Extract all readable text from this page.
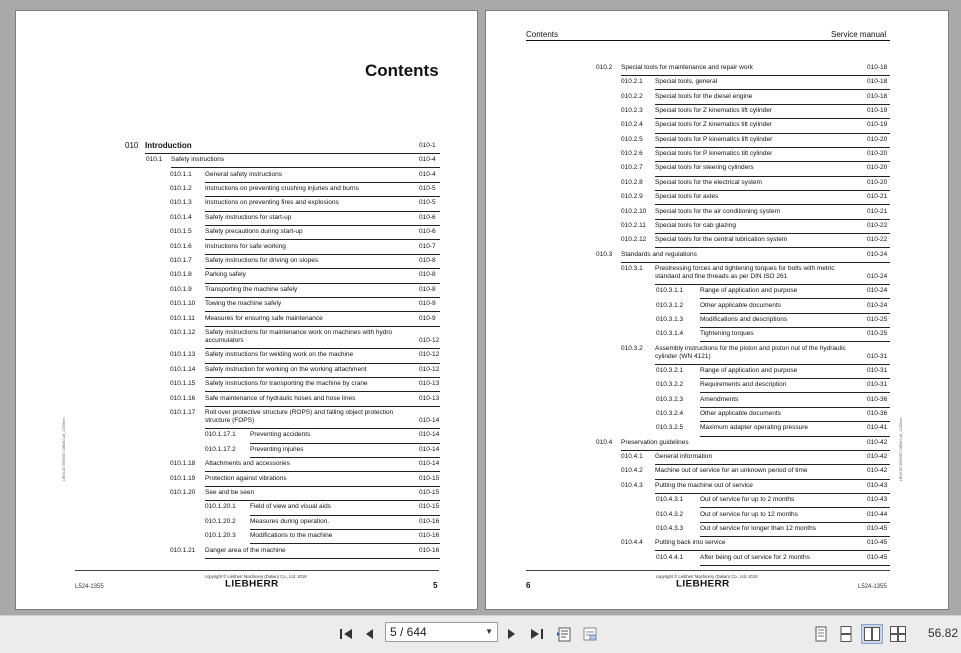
Contents
010 Introduction	010-1
010.1 Safety instructions	010-4
010.1.1 General safety instructions	010-4
010.1.2 Instructions on preventing crushing injuries and burns	010-5
010.1.3 Instructions on preventing fires and explosions	010-5
010.1.4 Safety instructions for start-up	010-6
010.1.5 Safety precautions during start-up	010-6
010.1.6 Instructions for safe working	010-7
010.1.7 Safety instructions for driving on slopes	010-8
010.1.8 Parking safely	010-8
010.1.9 Transporting the machine safely	010-8
010.1.10 Towing the machine safely	010-9
010.1.11 Measures for ensuring safe maintenance	010-9
010.1.12 Safety instructions for maintenance work on machines with hydro
accumulators	010-12
010.1.13 Safety instructions for welding work on the machine	010-12
010.1.14 Safety instruction for working on the working attachment	010-12
010.1.15 Safety instructions for transporting the machine by crane	010-13
010.1.16 Safe maintenance of hydraulic hoses and hose lines	010-13
010.1.17 Roll over protective structure (ROPS) and falling object protection
structure (FOPS)	010-14
010.1.17.1 Preventing accidents	010-14
010.1.17.2 Preventing injuries	010-14
010.1.18 Attachments and accessories	010-14
010.1.19 Protection against vibrations	010-15
010.1.20 See and be seen	010-15
010.1.20.1 Field of view and visual aids	010-15
010.1.20.2 Measures during operation.	010-16
010.1.20.3 Modifications to the machine	010-16
010.1.21 Danger area of the machine	010-16
LBH/11B7898/0507-DEMO-a8_11938/en
copyright © Liebherr Machinery (Dalian) Co., Ltd. 2018
LIEBHERR
L524-1355	5
Contents	Service manual
010.2 Special tools for maintenance and repair work	010-18
010.2.1 Special tools, general	010-18
010.2.2 Special tools for the diesel engine	010-18
010.2.3 Special tools for Z kinematics lift cylinder	010-19
010.2.4 Special tools for Z kinematics tilt cylinder	010-19
010.2.5 Special tools for P kinematics lift cylinder	010-20
010.2.6 Special tools for P kinematics tilt cylinder	010-20
010.2.7 Special tools for steering cylinders	010-20
010.2.8 Special tools for the electrical system	010-20
010.2.9 Special tools for axles	010-21
010.2.10 Special tools for the air conditioning system	010-21
010.2.11 Special tools for cab glazing	010-22
010.2.12 Special tools for the central lubrication system	010-22
010.3 Standards and regulations	010-24
010.3.1 Prestressing forces and tightening torques for bolts with metric
standard and fine threads as per DIN ISO 261	010-24
010.3.1.1	Range of application and purpose	010-24
010.3.1.2	Other applicable documents	010-24
010.3.1.3	Modifications and descriptions	010-25
010.3.1.4	Tightening torques	010-25
010.3.2 Assembly instructions for the piston and piston nut of the hydraulic
cylinder (WN 4121)	010-31
010.3.2.1	Range of application and purpose	010-31
010.3.2.2	Requirements and description	010-31
010.3.2.3	Amendments	010-36
010.3.2.4	Other applicable documents	010-36
010.3.2.5	Maximum adapter operating pressure	010-41
010.4 Preservation guidelines	010-42
010.4.1 General information	010-42
010.4.2 Machine out of service for an unknown period of time	010-42
010.4.3 Putting the machine out of service	010-43
010.4.3.1	Out of service for up to 2 months	010-43
010.4.3.2	Out of service for up to 12 months	010-44
010.4.3.3	Out of service for longer than 12 months	010-45
010.4.4 Putting back into service	010-45
010.4.4.1	After being out of service for 2 months	010-45
LBH/11B7898/0507-DEMO-a8_11938/en
copyright © Liebherr Machinery (Dalian) Co., Ltd. 2018
LIEBHERR
6	L524-1355
5 / 644	▼	56.82
